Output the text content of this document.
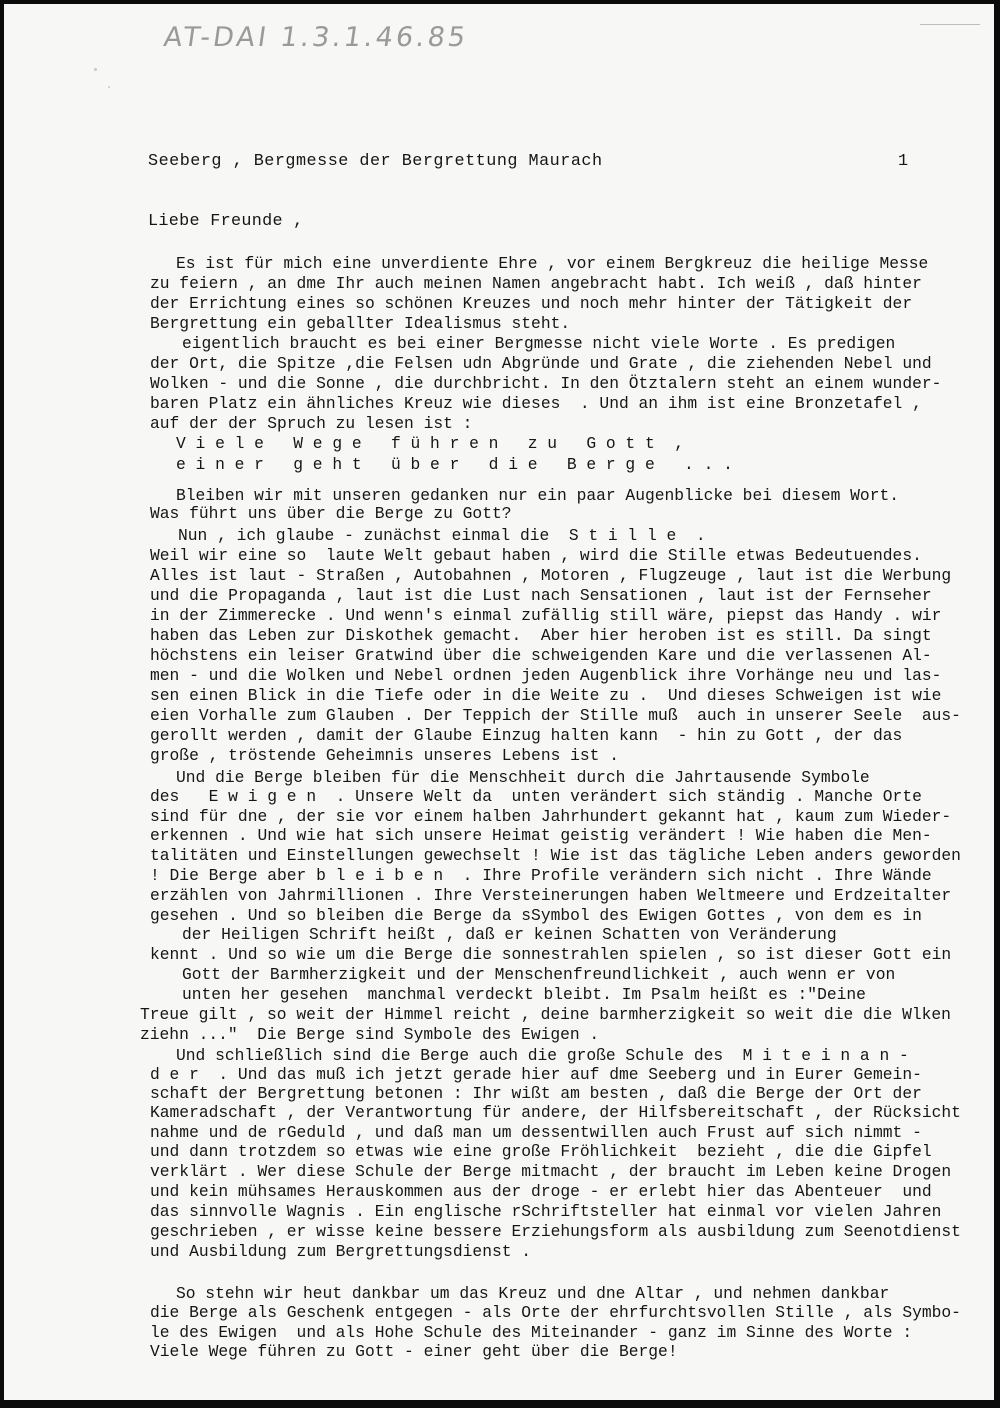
AT-DAI 1.3.1.46.85
Seeberg , Bergmesse der Bergrettung Maurach	1
Liebe Freunde ,
Es ist für mich eine unverdiente Ehre , vor einem Bergkreuz die heilige Messe
zu feiern , an dme Ihr auch meinen Namen angebracht habt. Ich weiß , daß hinter
der Errichtung eines so schönen Kreuzes und noch mehr hinter der Tätigkeit der
Bergrettung ein geballter Idealismus steht.
eigentlich braucht es bei einer Bergmesse nicht viele Worte . Es predigen
der Ort, die Spitze ,die Felsen udn Abgründe und Grate , die ziehenden Nebel und
Wolken - und die Sonne , die durchbricht. In den Ötztalern steht an einem wunder-
baren Platz ein ähnliches Kreuz wie dieses  . Und an ihm ist eine Bronzetafel ,
auf der der Spruch zu lesen ist :
V i e l e   W e g e   f ü h r e n   z u   G o t t  ,
e i n e r   g e h t   ü b e r   d i e   B e r g e   . . .
Bleiben wir mit unseren gedanken nur ein paar Augenblicke bei diesem Wort.
Was führt uns über die Berge zu Gott?
Nun , ich glaube - zunächst einmal die  S t i l l e  .
Weil wir eine so  laute Welt gebaut haben , wird die Stille etwas Bedeutuendes.
Alles ist laut - Straßen , Autobahnen , Motoren , Flugzeuge , laut ist die Werbung
und die Propaganda , laut ist die Lust nach Sensationen , laut ist der Fernseher
in der Zimmerecke . Und wenn's einmal zufällig still wäre, piepst das Handy . wir
haben das Leben zur Diskothek gemacht.  Aber hier heroben ist es still. Da singt
höchstens ein leiser Gratwind über die schweigenden Kare und die verlassenen Al-
men - und die Wolken und Nebel ordnen jeden Augenblick ihre Vorhänge neu und las-
sen einen Blick in die Tiefe oder in die Weite zu .  Und dieses Schweigen ist wie
eien Vorhalle zum Glauben . Der Teppich der Stille muß  auch in unserer Seele  aus-
gerollt werden , damit der Glaube Einzug halten kann  - hin zu Gott , der das
große , tröstende Geheimnis unseres Lebens ist .
Und die Berge bleiben für die Menschheit durch die Jahrtausende Symbole
des   E w i g e n  . Unsere Welt da  unten verändert sich ständig . Manche Orte
sind für dne , der sie vor einem halben Jahrhundert gekannt hat , kaum zum Wieder-
erkennen . Und wie hat sich unsere Heimat geistig verändert ! Wie haben die Men-
talitäten und Einstellungen gewechselt ! Wie ist das tägliche Leben anders geworden
! Die Berge aber b l e i b e n  . Ihre Profile verändern sich nicht . Ihre Wände
erzählen von Jahrmillionen . Ihre Versteinerungen haben Weltmeere und Erdzeitalter
gesehen . Und so bleiben die Berge da sSymbol des Ewigen Gottes , von dem es in
der Heiligen Schrift heißt , daß er keinen Schatten von Veränderung
kennt . Und so wie um die Berge die sonnestrahlen spielen , so ist dieser Gott ein
Gott der Barmherzigkeit und der Menschenfreundlichkeit , auch wenn er von
unten her gesehen  manchmal verdeckt bleibt. Im Psalm heißt es :"Deine
Treue gilt , so weit der Himmel reicht , deine barmherzigkeit so weit die die Wlken
ziehn ..."  Die Berge sind Symbole des Ewigen .
Und schließlich sind die Berge auch die große Schule des  M i t e i n a n -
d e r  . Und das muß ich jetzt gerade hier auf dme Seeberg und in Eurer Gemein-
schaft der Bergrettung betonen : Ihr wißt am besten , daß die Berge der Ort der
Kameradschaft , der Verantwortung für andere, der Hilfsbereitschaft , der Rücksicht
nahme und de rGeduld , und daß man um dessentwillen auch Frust auf sich nimmt -
und dann trotzdem so etwas wie eine große Fröhlichkeit  bezieht , die die Gipfel
verklärt . Wer diese Schule der Berge mitmacht , der braucht im Leben keine Drogen
und kein mühsames Herauskommen aus der droge - er erlebt hier das Abenteuer  und
das sinnvolle Wagnis . Ein englische rSchriftsteller hat einmal vor vielen Jahren
geschrieben , er wisse keine bessere Erziehungsform als ausbildung zum Seenotdienst
und Ausbildung zum Bergrettungsdienst .
So stehn wir heut dankbar um das Kreuz und dne Altar , und nehmen dankbar
die Berge als Geschenk entgegen - als Orte der ehrfurchtsvollen Stille , als Symbo-
le des Ewigen  und als Hohe Schule des Miteinander - ganz im Sinne des Worte :
Viele Wege führen zu Gott - einer geht über die Berge!
